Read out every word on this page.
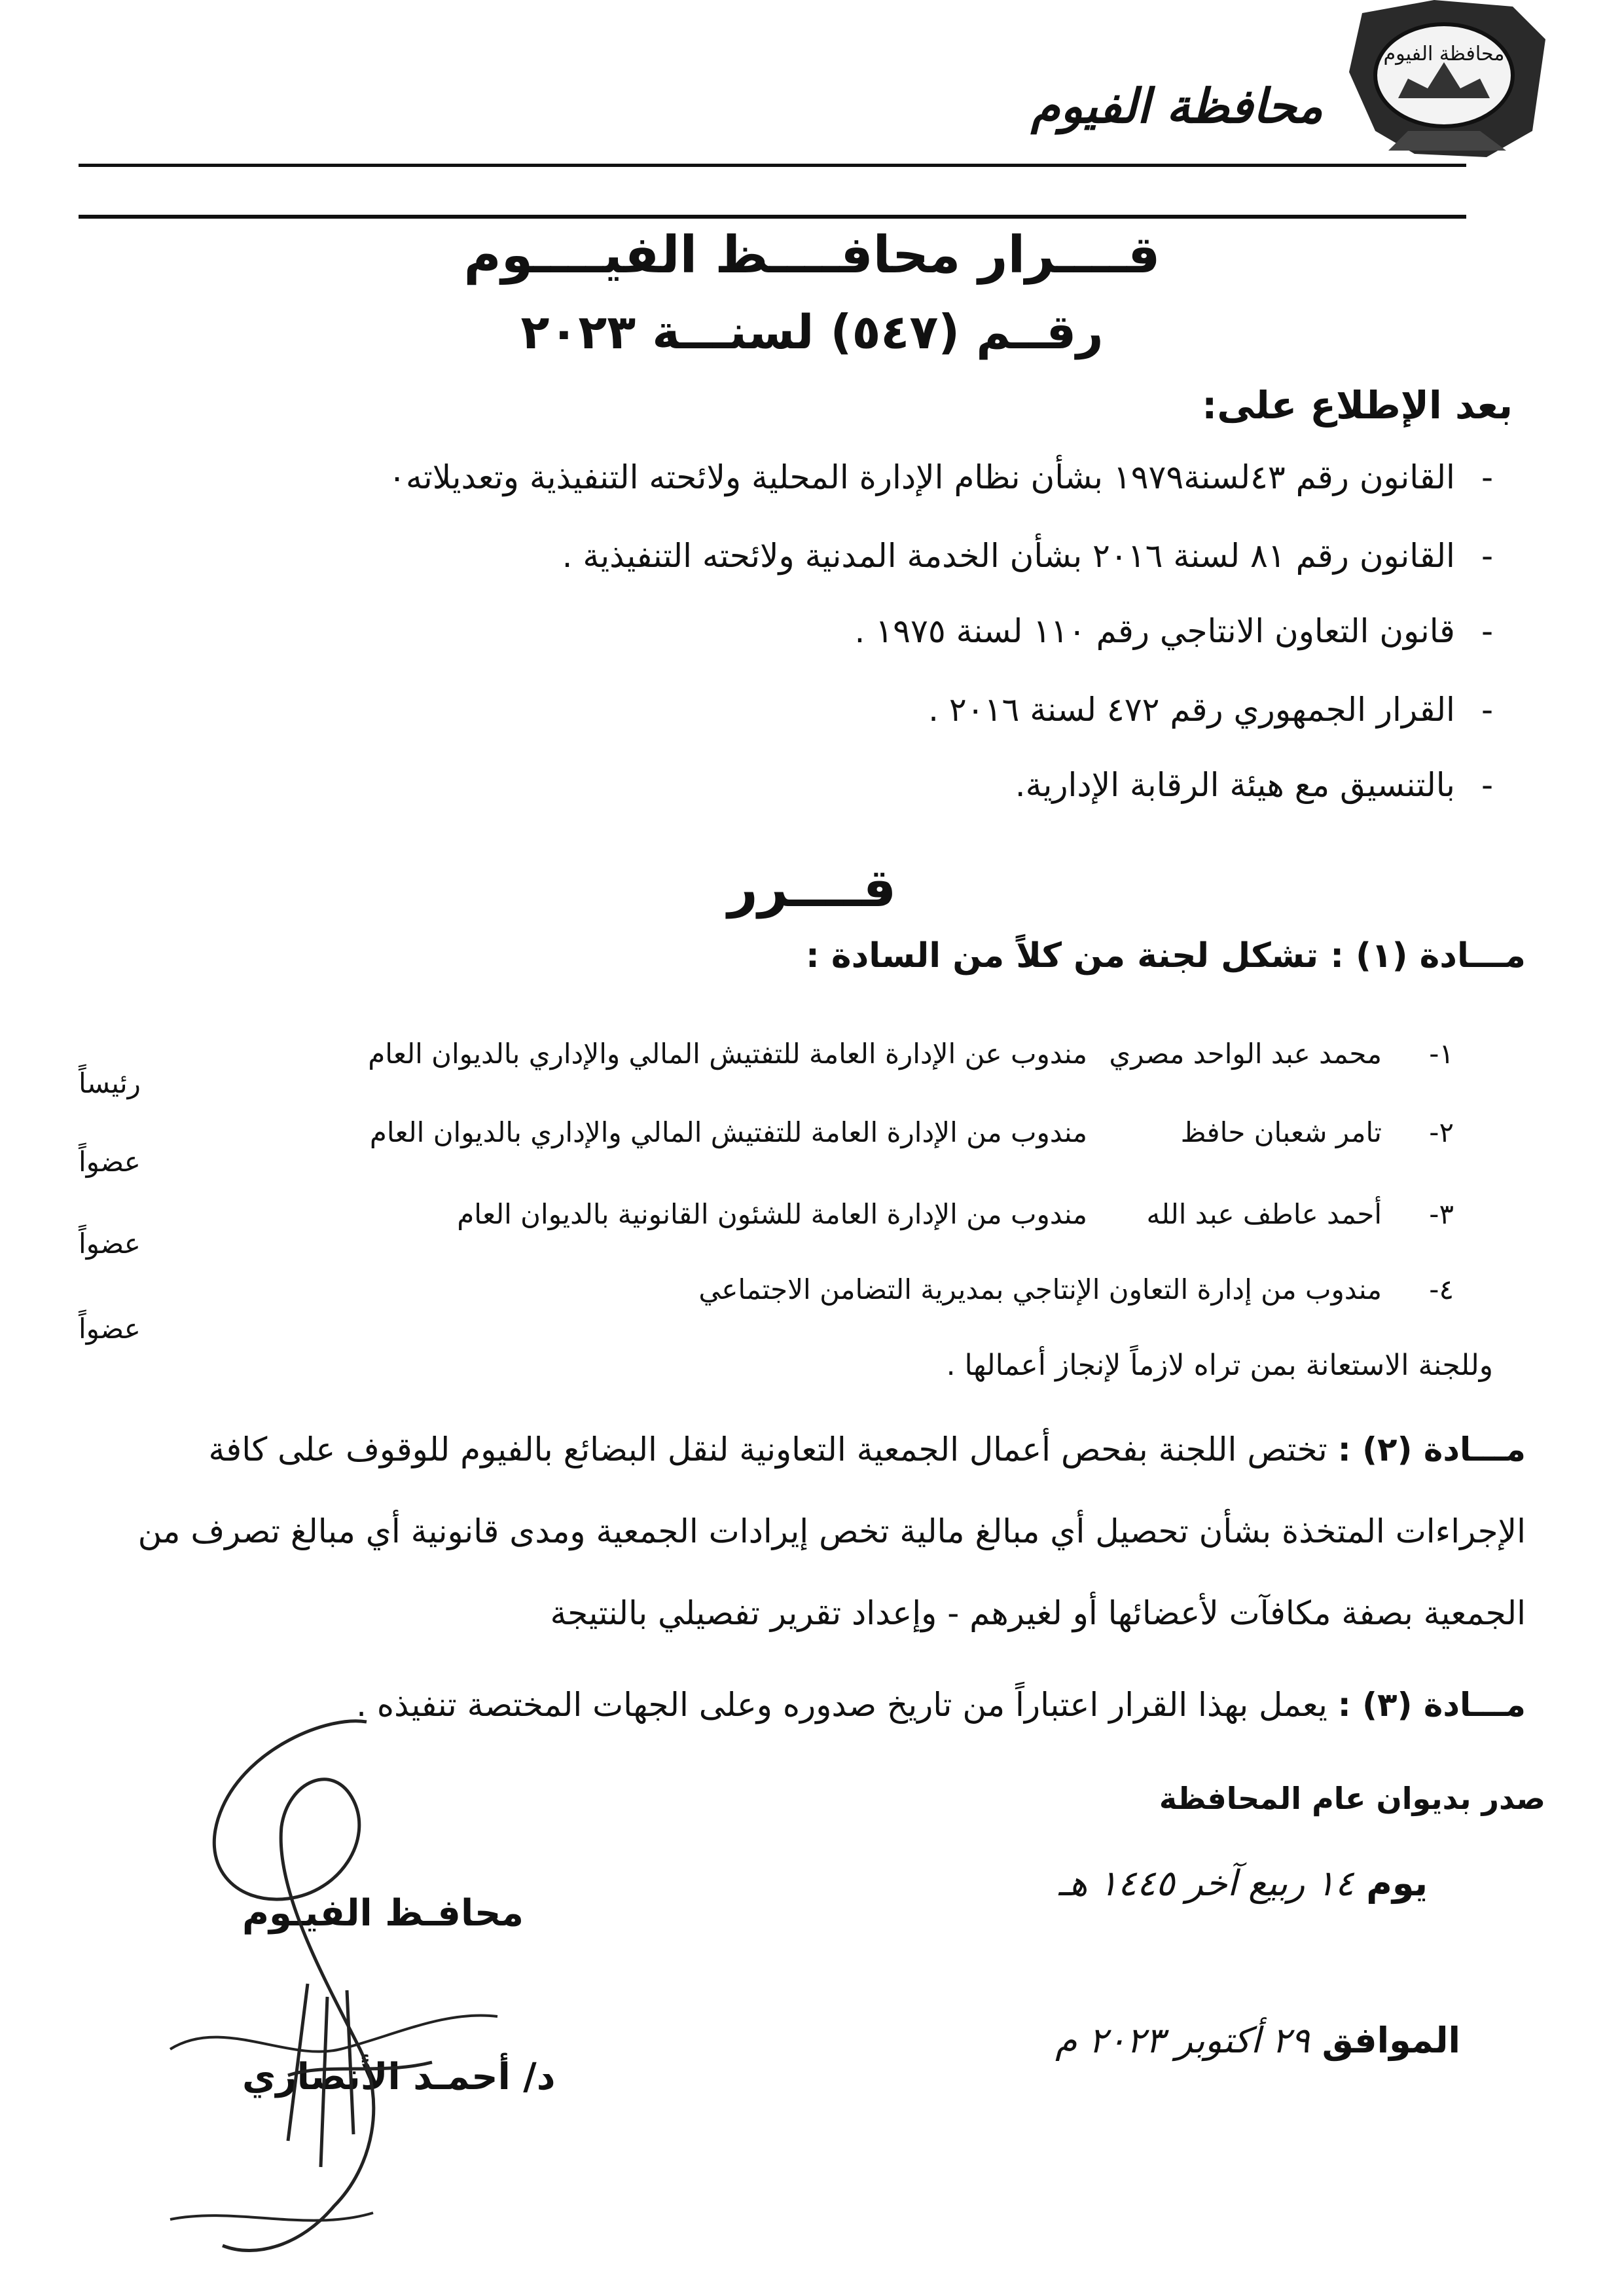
محافظة الفيوم
محافظة الفيوم
قــــرار محافــــظ الفيــــوم
رقــم (٥٤٧) لسنـــة ٢٠٢٣
بعد الإطلاع على:
-القانون رقم ٤٣لسنة١٩٧٩ بشأن نظام الإدارة المحلية ولائحته التنفيذية وتعديلاته٠
-القانون رقم ٨١ لسنة ٢٠١٦ بشأن الخدمة المدنية ولائحته التنفيذية .
-قانون التعاون الانتاجي رقم ١١٠ لسنة ١٩٧٥ .
-القرار الجمهوري رقم ٤٧٢ لسنة ٢٠١٦ .
-بالتنسيق مع هيئة الرقابة الإدارية.
قــــرر
مـــادة (١) : تشكل لجنة من كلاً من السادة :
١-
محمد عبد الواحد مصري
مندوب عن الإدارة العامة للتفتيش المالي والإداري بالديوان العام
رئيساً
٢-
تامر شعبان حافظ
مندوب من الإدارة العامة للتفتيش المالي والإداري بالديوان العام
عضواً
٣-
أحمد عاطف عبد الله
مندوب من الإدارة العامة للشئون القانونية بالديوان العام
عضواً
٤-
مندوب من إدارة التعاون الإنتاجي بمديرية التضامن الاجتماعي
عضواً
وللجنة الاستعانة بمن تراه لازماً لإنجاز أعمالها .
مـــادة (٢) : تختص اللجنة بفحص أعمال الجمعية التعاونية لنقل البضائع بالفيوم للوقوف على كافة
الإجراءات المتخذة بشأن تحصيل أي مبالغ مالية تخص إيرادات الجمعية ومدى قانونية أي مبالغ تصرف من
الجمعية بصفة مكافآت لأعضائها أو لغيرهم - وإعداد تقرير تفصيلي بالنتيجة
مـــادة (٣) : يعمل بهذا القرار اعتباراً من تاريخ صدوره وعلى الجهات المختصة تنفيذه .
صدر بديوان عام المحافظة
يوم ١٤ ربيع آخر ١٤٤٥ هـ
الموافق ٢٩ أكتوبر ٢٠٢٣ م
محافـظ الفيـوم
د/ أحمـد الأنصاري
